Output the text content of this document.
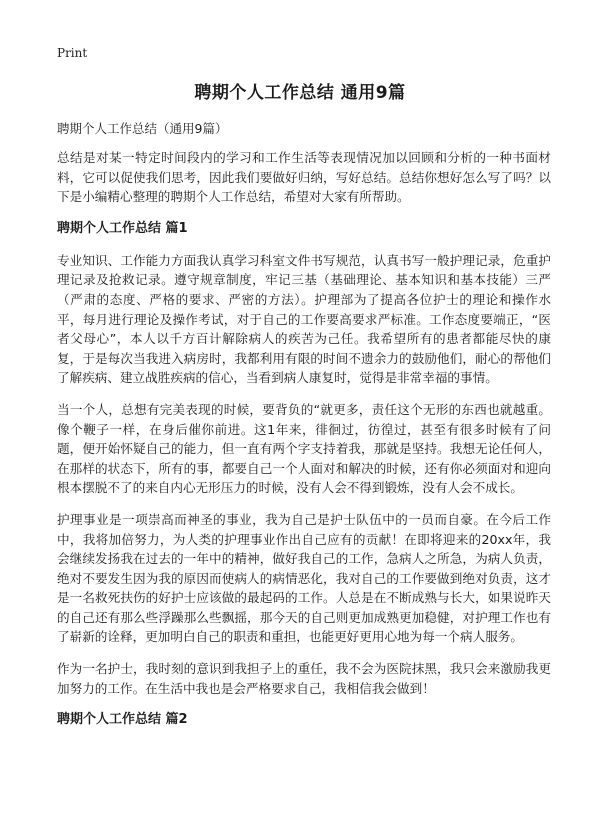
Print
聘期个人工作总结 通用9篇

聘期个人工作总结（通用9篇）

总结是对某一特定时间段内的学习和工作生活等表现情况加以回顾和分析的一种书面材料，它可以促使我们思考，因此我们要做好归纳，写好总结。总结你想好怎么写了吗？以下是小编精心整理的聘期个人工作总结，希望对大家有所帮助。

聘期个人工作总结 篇1

专业知识、工作能力方面我认真学习科室文件书写规范，认真书写一般护理记录，危重护理记录及抢救记录。遵守规章制度，牢记三基（基础理论、基本知识和基本技能）三严（严肃的态度、严格的要求、严密的方法）。护理部为了提高各位护士的理论和操作水平，每月进行理论及操作考试，对于自己的工作要高要求严标准。工作态度要端正，“医者父母心”，本人以千方百计解除病人的疾苦为己任。我希望所有的患者都能尽快的康复，于是每次当我进入病房时，我都利用有限的时间不遗余力的鼓励他们，耐心的帮他们了解疾病、建立战胜疾病的信心，当看到病人康复时，觉得是非常幸福的事情。

当一个人，总想有完美表现的时候，要背负的“就更多，责任这个无形的东西也就越重。像个鞭子一样，在身后催你前进。这1年来，徘徊过，彷徨过，甚至有很多时候有了问题，便开始怀疑自己的能力，但一直有两个字支持着我，那就是坚持。我想无论任何人，在那样的状态下，所有的事，都要自己一个人面对和解决的时候，还有你必须面对和迎向根本摆脱不了的来自内心无形压力的时候，没有人会不得到锻炼，没有人会不成长。

护理事业是一项崇高而神圣的事业，我为自己是护士队伍中的一员而自豪。在今后工作中，我将加倍努力，为人类的护理事业作出自己应有的贡献！在即将迎来的20xx年，我会继续发扬我在过去的一年中的精神，做好我自己的工作，急病人之所急，为病人负责，绝对不要发生因为我的原因而使病人的病情恶化，我对自己的工作要做到绝对负责，这才是一名救死扶伤的好护士应该做的最起码的工作。人总是在不断成熟与长大，如果说昨天的自己还有那么些浮躁那么些飘摇，那今天的自己则更加成熟更加稳健，对护理工作也有了崭新的诠释，更加明白自己的职责和重担，也能更好更用心地为每一个病人服务。

作为一名护士，我时刻的意识到我担子上的重任，我不会为医院抹黑，我只会来激励我更加努力的工作。在生活中我也是会严格要求自己，我相信我会做到！

聘期个人工作总结 篇2
